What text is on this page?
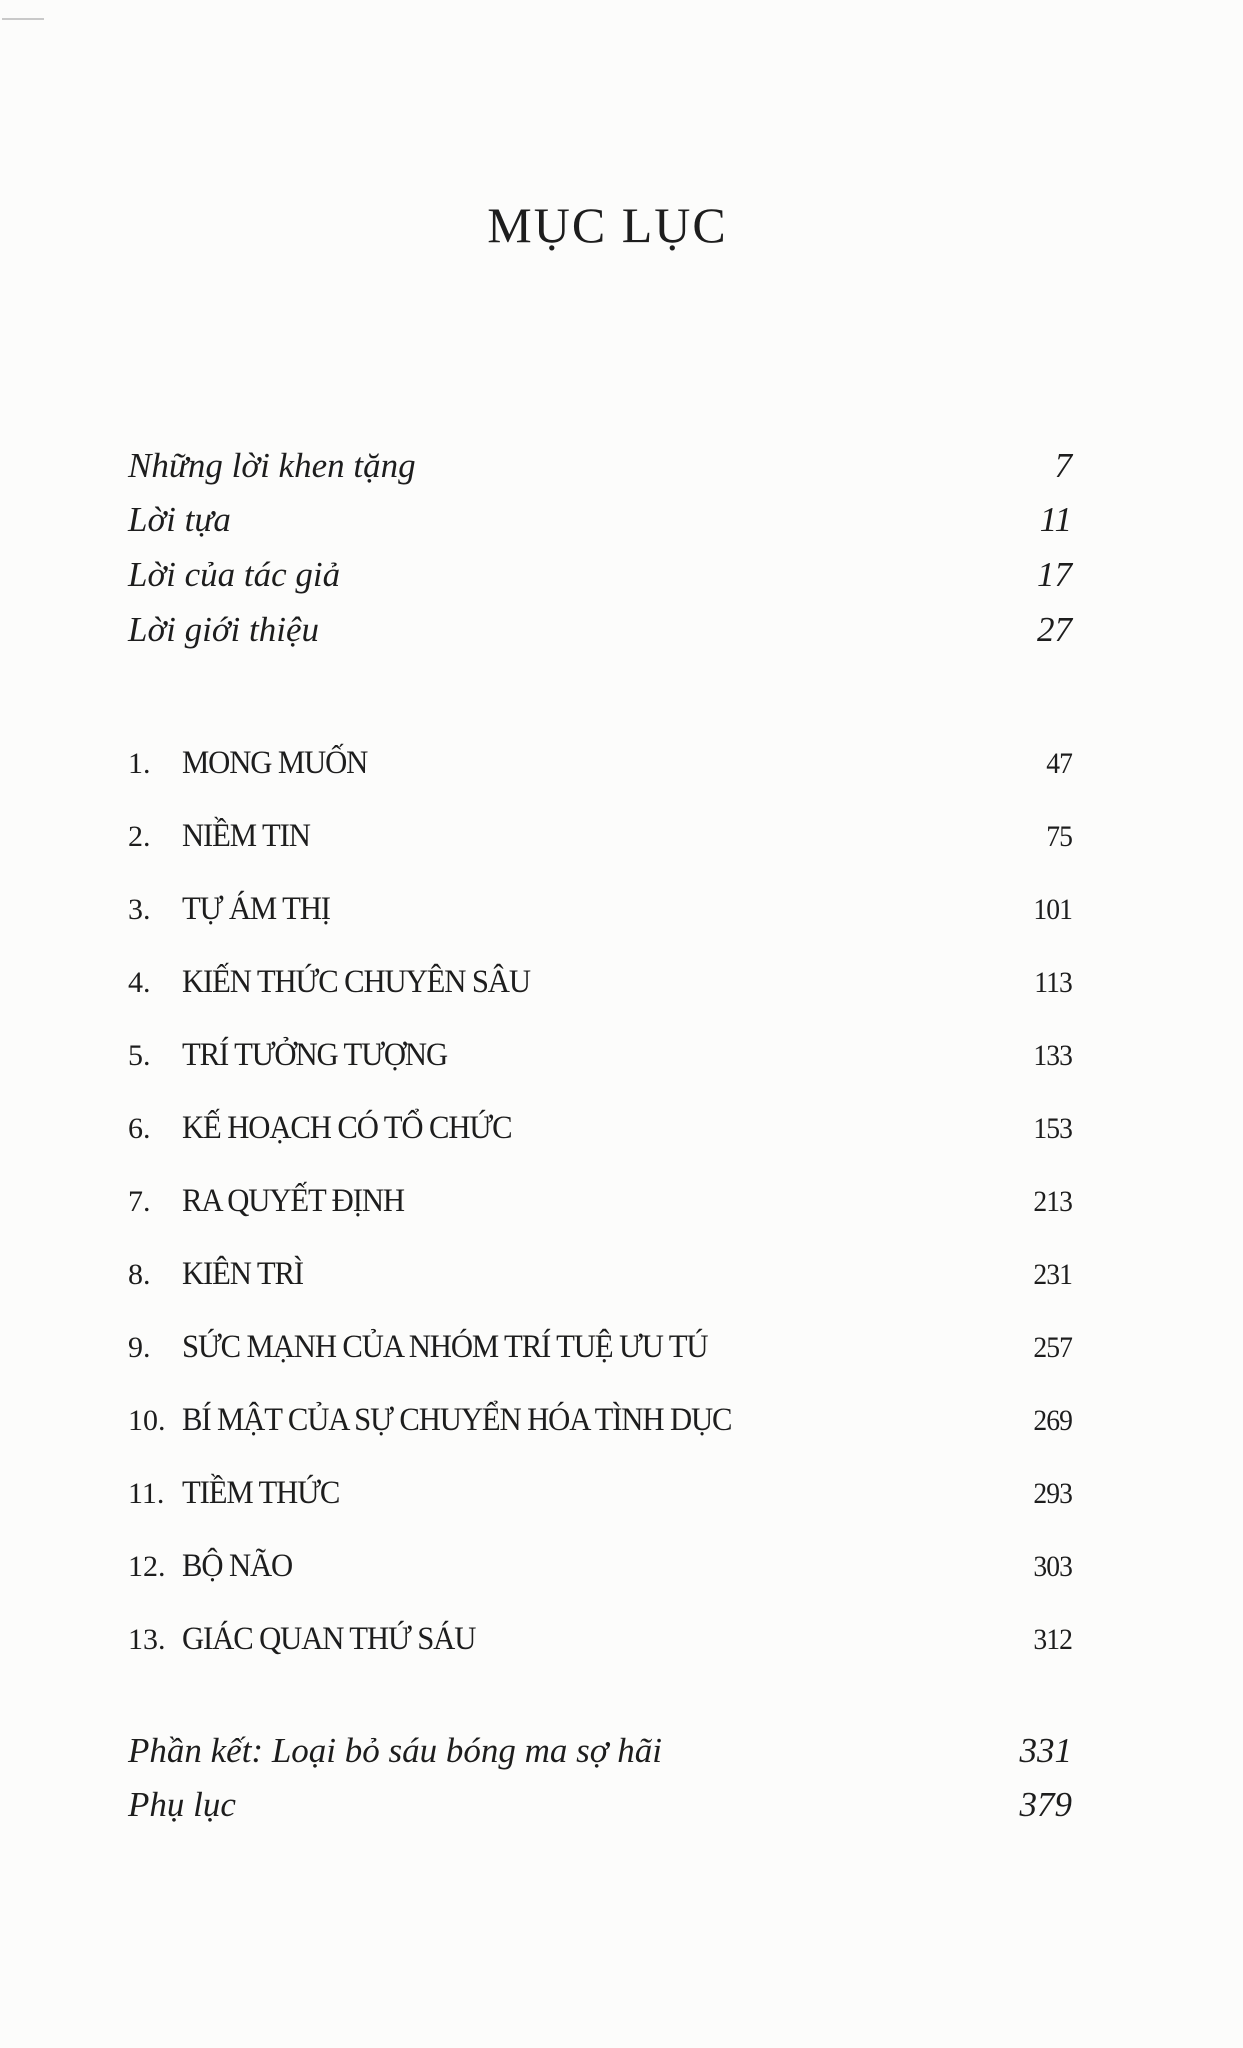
MỤC LỤC
Những lời khen tặng	7
Lời tựa	11
Lời của tác giả	17
Lời giới thiệu	27
1. MONG MUỐN	47
2. NIỀM TIN	75
3. TỰ ÁM THỊ	101
4. KIẾN THỨC CHUYÊN SÂU	113
5. TRÍ TƯỞNG TƯỢNG	133
6. KẾ HOẠCH CÓ TỔ CHỨC	153
7. RA QUYẾT ĐỊNH	213
8. KIÊN TRÌ	231
9. SỨC MẠNH CỦA NHÓM TRÍ TUỆ ƯU TÚ	257
10. BÍ MẬT CỦA SỰ CHUYỂN HÓA TÌNH DỤC	269
11. TIỀM THỨC	293
12. BỘ NÃO	303
13. GIÁC QUAN THỨ SÁU	312
Phần kết: Loại bỏ sáu bóng ma sợ hãi	331
Phụ lục	379
